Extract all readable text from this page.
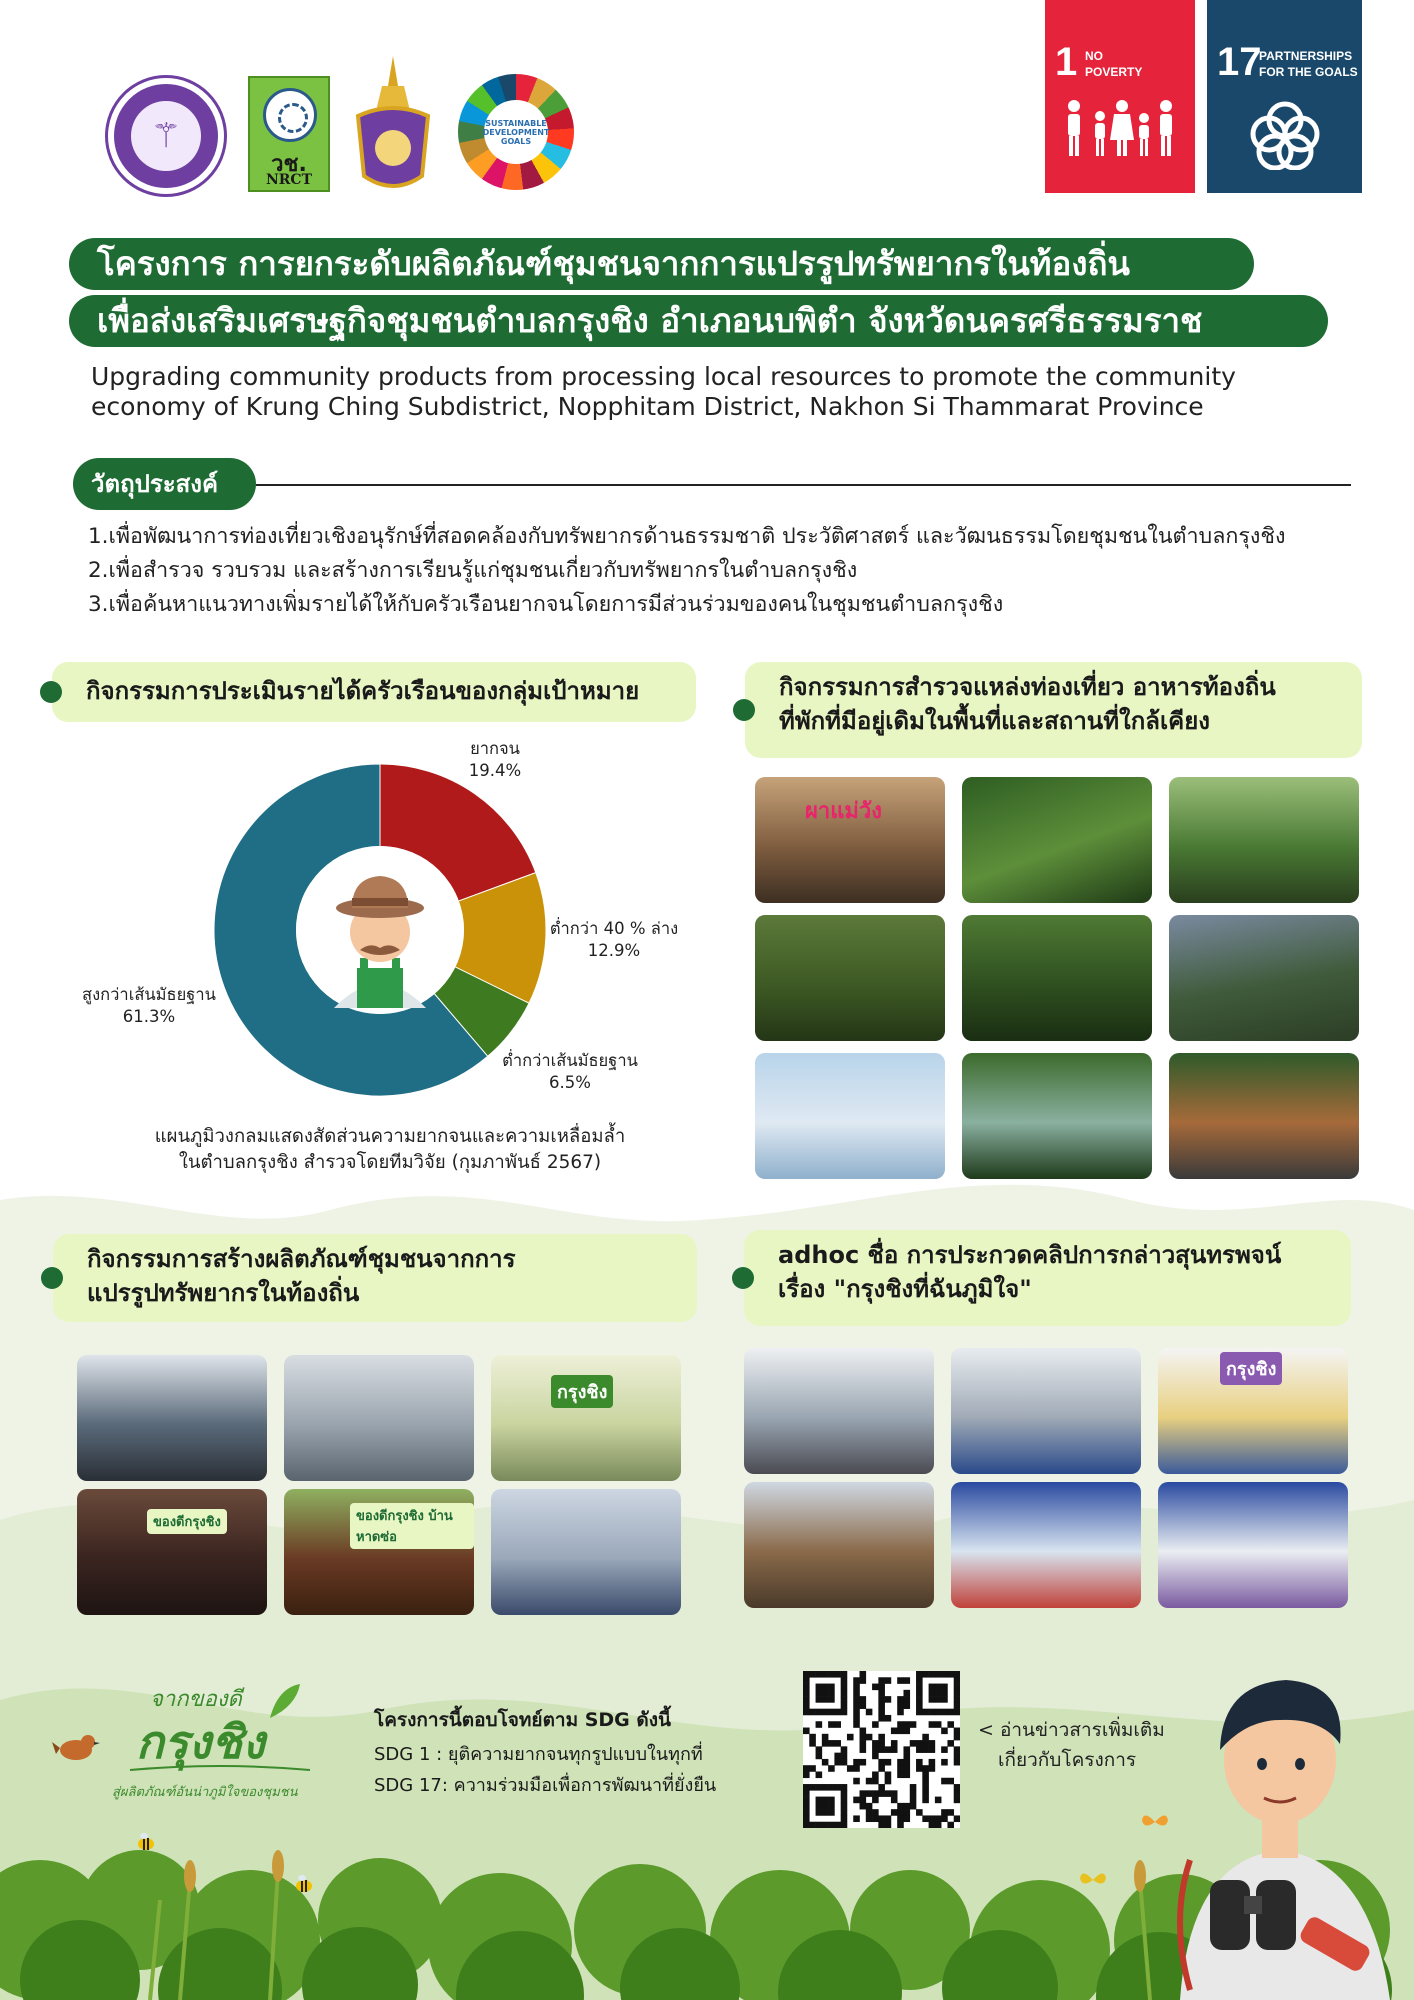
⚚
วช.
NRCT
SUSTAINABLE DEVELOPMENT GOALS
1 NO
POVERTY 17
PARTNERSHIPS
FOR THE GOALS
โครงการ การยกระดับผลิตภัณฑ์ชุมชนจากการแปรรูปทรัพยากรในท้องถิ่น
เพื่อส่งเสริมเศรษฐกิจชุมชนตำบลกรุงชิง อำเภอนบพิตำ จังหวัดนครศรีธรรมราช
Upgrading community products from processing local resources to promote the community
economy of Krung Ching Subdistrict, Nopphitam District, Nakhon Si Thammarat Province
วัตถุประสงค์
1.เพื่อพัฒนาการท่องเที่ยวเชิงอนุรักษ์ที่สอดคล้องกับทรัพยากรด้านธรรมชาติ ประวัติศาสตร์ และวัฒนธรรมโดยชุมชนในตำบลกรุงชิง
2.เพื่อสำรวจ รวบรวม และสร้างการเรียนรู้แก่ชุมชนเกี่ยวกับทรัพยากรในตำบลกรุงชิง
3.เพื่อค้นหาแนวทางเพิ่มรายได้ให้กับครัวเรือนยากจนโดยการมีส่วนร่วมของคนในชุมชนตำบลกรุงชิง
กิจกรรมการประเมินรายได้ครัวเรือนของกลุ่มเป้าหมาย	กิจกรรมการสำรวจแหล่งท่องเที่ยว อาหารท้องถิ่น
ที่พักที่มีอยู่เดิมในพื้นที่และสถานที่ใกล้เคียง
กิจกรรมการสร้างผลิตภัณฑ์ชุมชนจากการ
แปรรูปทรัพยากรในท้องถิ่น
adhoc ชื่อ การประกวดคลิปการกล่าวสุนทรพจน์
เรื่อง "กรุงชิงที่ฉันภูมิใจ"
ยากจน
19.4%
ต่ำกว่า 40 % ล่าง
12.9%
ต่ำกว่าเส้นมัธยฐาน
6.5%
สูงกว่าเส้นมัธยฐาน
61.3%
แผนภูมิวงกลมแสดงสัดส่วนความยากจนและความเหลื่อมล้ำ
ในตำบลกรุงชิง สำรวจโดยทีมวิจัย (กุมภาพันธ์ 2567)
ผาแม่วัง
กรุงชิง
ของดีกรุงชิง	ของดีกรุงชิง บ้านหาดซ่อ
กรุงชิง
จากของดี
กรุงชิง
สู่ผลิตภัณฑ์อันน่าภูมิใจของชุมชน
โครงการนี้ตอบโจทย์ตาม SDG ดังนี้
SDG 1 : ยุติความยากจนทุกรูปแบบในทุกที่
SDG 17: ความร่วมมือเพื่อการพัฒนาที่ยั่งยืน
< อ่านข่าวสารเพิ่มเติม
เกี่ยวกับโครงการ
